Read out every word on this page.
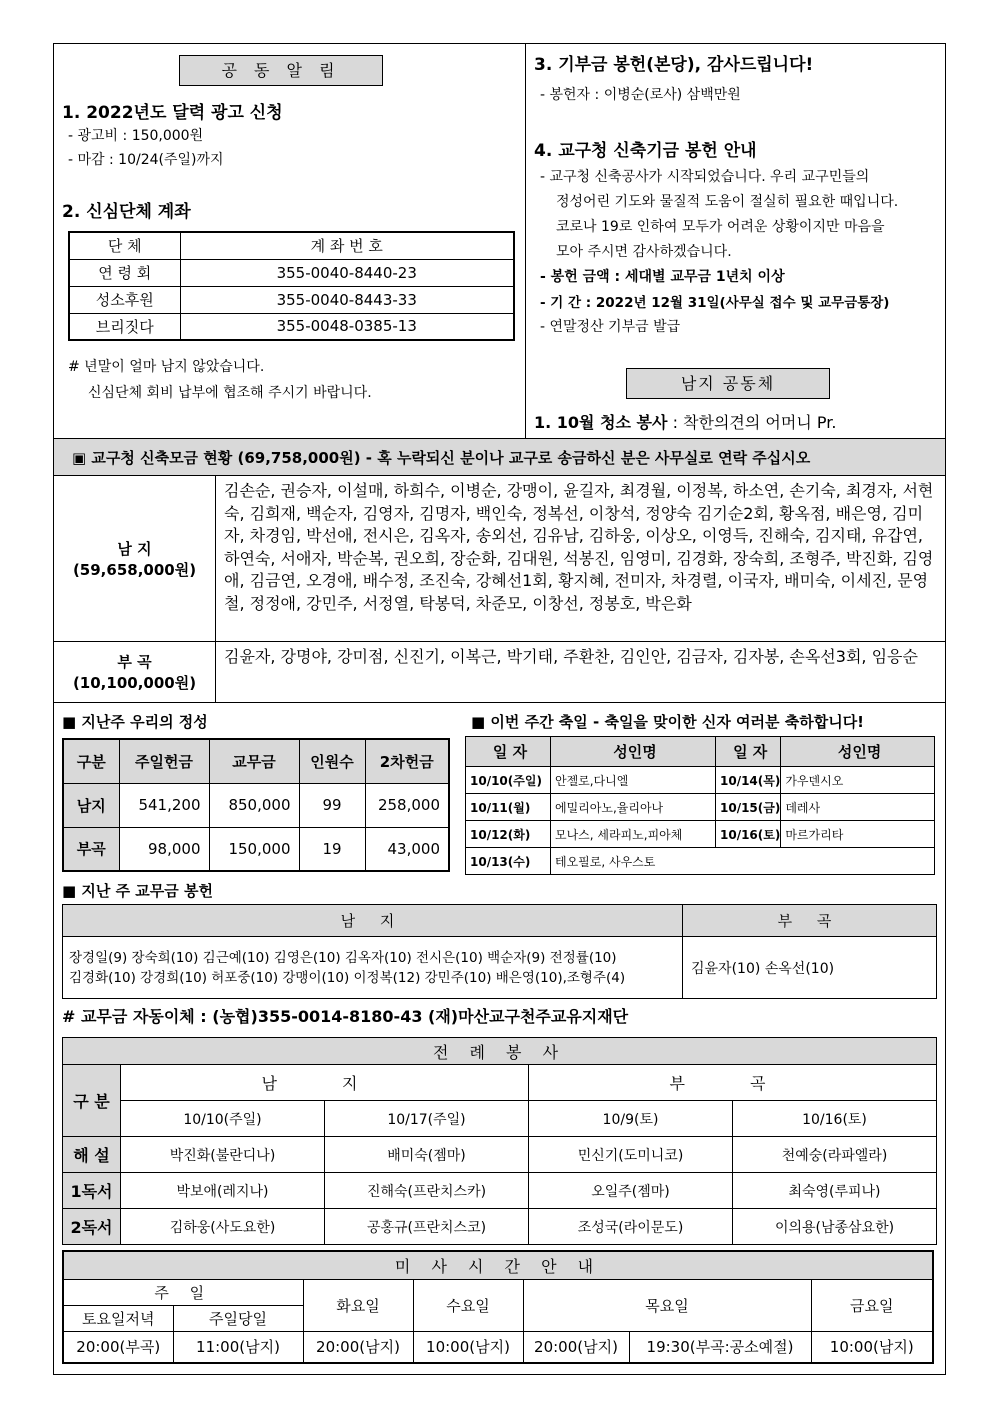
공 동 알 림
1. 2022년도 달력 광고 신청
- 광고비 : 150,000원
- 마감 : 10/24(주일)까지
2. 신심단체 계좌
단 체	계 좌 번 호
연 령 회	355-0040-8440-23
성소후원	355-0040-8443-33
브리짓다	355-0048-0385-13
# 년말이 얼마 남지 않았습니다.
신심단체 회비 납부에 협조해 주시기 바랍니다.
3. 기부금 봉헌(본당), 감사드립니다!
- 봉헌자 : 이병순(로사) 삼백만원
4. 교구청 신축기금 봉헌 안내
- 교구청 신축공사가 시작되었습니다. 우리 교구민들의
정성어린 기도와 물질적 도움이 절실히 필요한 때입니다.
코로나 19로 인하여 모두가 어려운 상황이지만 마음을
모아 주시면 감사하겠습니다.
- 봉헌 금액 : 세대별 교무금 1년치 이상
- 기 간 : 2022년 12월 31일(사무실 접수 및 교무금통장)
- 연말정산 기부금 발급
남지 공동체
1. 10월 청소 봉사 : 착한의견의 어머니 Pr.
▣ 교구청 신축모금 현황 (69,758,000원) - 혹 누락되신 분이나 교구로 송금하신 분은 사무실로 연락 주십시오
남 지
(59,658,000원)
김손순, 권승자, 이설매, 하희수, 이병순, 강맹이, 윤길자, 최경월, 이정복, 하소연, 손기숙, 최경자, 서현숙, 김희재, 백순자, 김영자, 김명자, 백인숙, 정복선, 이창석, 정양숙 김기순2회, 황옥점, 배은영, 김미자, 차경임, 박선애, 전시은, 김옥자, 송외선, 김유남, 김하웅, 이상오, 이영득, 진해숙, 김지태, 유갑연, 하연숙, 서애자, 박순복, 권오희, 장순화, 김대원, 석봉진, 임영미, 김경화, 장숙희, 조형주, 박진화, 김영애, 김금연, 오경애, 배수정, 조진숙, 강혜선1회, 황지혜, 전미자, 차경렬, 이국자, 배미숙, 이세진, 문영철, 정정애, 강민주, 서정열, 탁봉덕, 차준모, 이창선, 정봉호, 박은화
부 곡
(10,100,000원)
김윤자, 강명야, 강미점, 신진기, 이복근, 박기태, 주환찬, 김인안, 김금자, 김자봉, 손옥선3회, 임응순
■ 지난주 우리의 정성
구분	주일헌금	교무금	인원수	2차헌금
남지	541,200	850,000	99	258,000
부곡	98,000	150,000	19	43,000
■ 이번 주간 축일 - 축일을 맞이한 신자 여러분 축하합니다!
일 자	성인명	일 자	성인명
10/10(주일)	안젤로,다니엘	10/14(목)	가우덴시오
10/11(월)	에밀리아노,율리아나	10/15(금)	데레사
10/12(화)	모나스, 세라피노,피아체	10/16(토)	마르가리타
10/13(수)	테오필로, 사우스토		
■ 지난 주 교무금 봉헌
남 지	부 곡

장경일(9) 장숙희(10) 김근예(10) 김영은(10) 김옥자(10) 전시은(10) 백순자(9) 전정률(10)
김경화(10) 강경희(10) 허포중(10) 강맹이(10) 이정복(12) 강민주(10) 배은영(10),조형주(4)	김윤자(10) 손옥선(10)
# 교무금 자동이체 : (농협)355-0014-8180-43 (재)마산교구천주교유지재단
전 례 봉 사				
구 분	남 지		부 곡	
	10/10(주일)	10/17(주일)	10/9(토)	10/16(토)
해 설	박진화(불란디나)	배미숙(젬마)	민신기(도미니코)	천예숭(라파엘라)
1독서	박보애(레지나)	진해숙(프란치스카)	오일주(젬마)	최숙영(루피나)
2독서	김하웅(사도요한)	공홍규(프란치스코)	조성국(라이문도)	이의용(남종삼요한)
미 사 시 간 안 내						
주 일		화요일	수요일	목요일		금요일
토요일저녁	주일당일					
20:00(부곡)	11:00(남지)	20:00(남지)	10:00(남지)	20:00(남지)	19:30(부곡:공소예절)	10:00(남지)
